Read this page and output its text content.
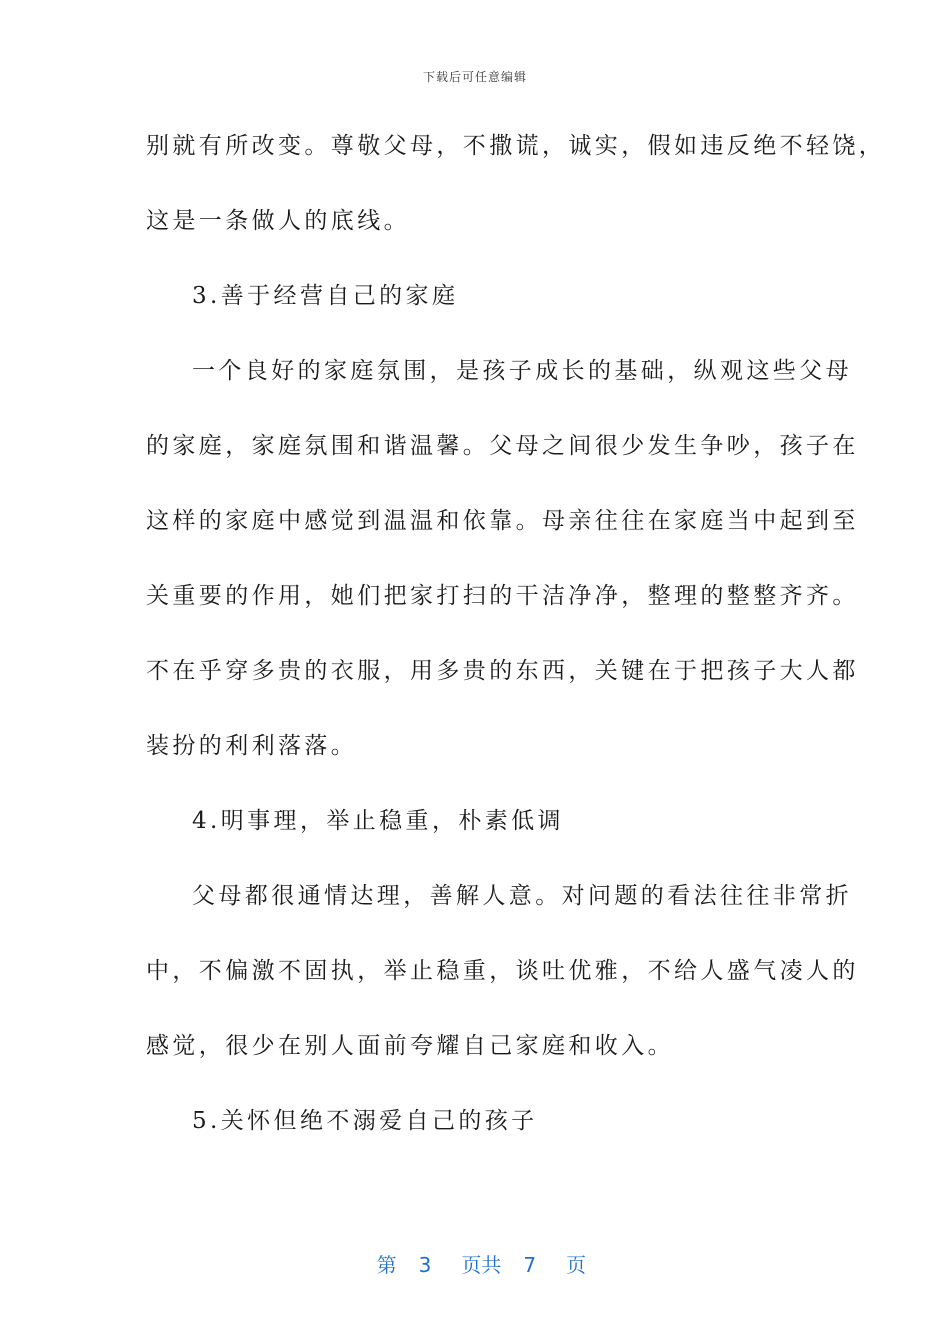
下载后可任意编辑
别就有所改变。尊敬父母，不撒谎，诚实，假如违反绝不轻饶，
这是一条做人的底线。
3.善于经营自己的家庭
一个良好的家庭氛围，是孩子成长的基础，纵观这些父母
的家庭，家庭氛围和谐温馨。父母之间很少发生争吵，孩子在
这样的家庭中感觉到温温和依靠。母亲往往在家庭当中起到至
关重要的作用，她们把家打扫的干洁净净，整理的整整齐齐。
不在乎穿多贵的衣服，用多贵的东西，关键在于把孩子大人都
装扮的利利落落。
4.明事理，举止稳重，朴素低调
父母都很通情达理，善解人意。对问题的看法往往非常折
中，不偏激不固执，举止稳重，谈吐优雅，不给人盛气凌人的
感觉，很少在别人面前夸耀自己家庭和收入。
5.关怀但绝不溺爱自己的孩子

第 3 页共 7 页
